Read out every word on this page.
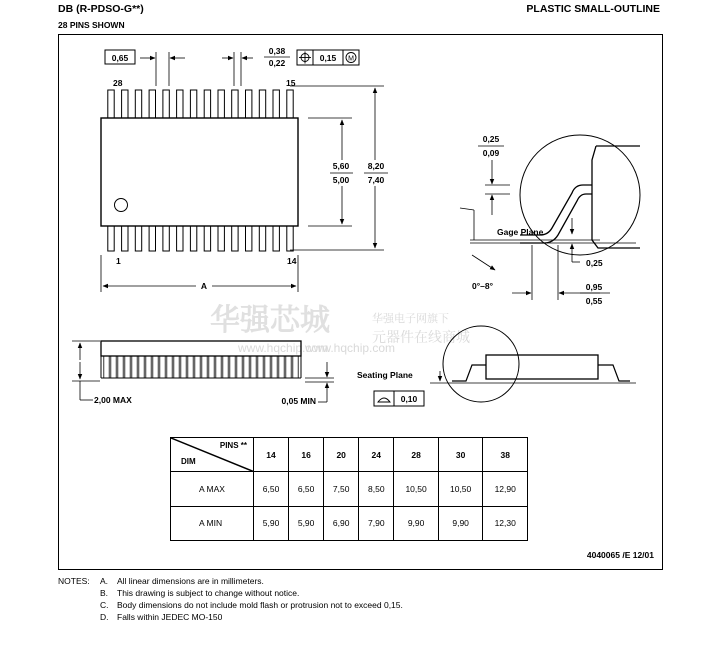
DB (R-PDSO-G**)	PLASTIC SMALL-OUTLINE
28 PINS SHOWN
华强芯城	华强电子网旗下
元器件在线商城
www.hqchip.com
www.hqchip.com
0,65
0,38
0,22	0,15 M
28	15
1	14
5,60
5,00
8,20
7,40
A
2,00 MAX	0,05 MIN
0,25
0,09
Gage Plane
0,25
0°–8°	0,95
0,55
Seating Plane
0,10
4040065 /E 12/01
PINS **
DIM	14	16	20	24	28	30	38
A MAX	6,50	6,50	7,50	8,50	10,50	10,50	12,90
A MIN	5,90	5,90	6,90	7,90	9,90	9,90	12,30
NOTES: A. All linear dimensions are in millimeters.
B. This drawing is subject to change without notice.
C. Body dimensions do not include mold flash or protrusion not to exceed 0,15.
D. Falls within JEDEC MO-150
